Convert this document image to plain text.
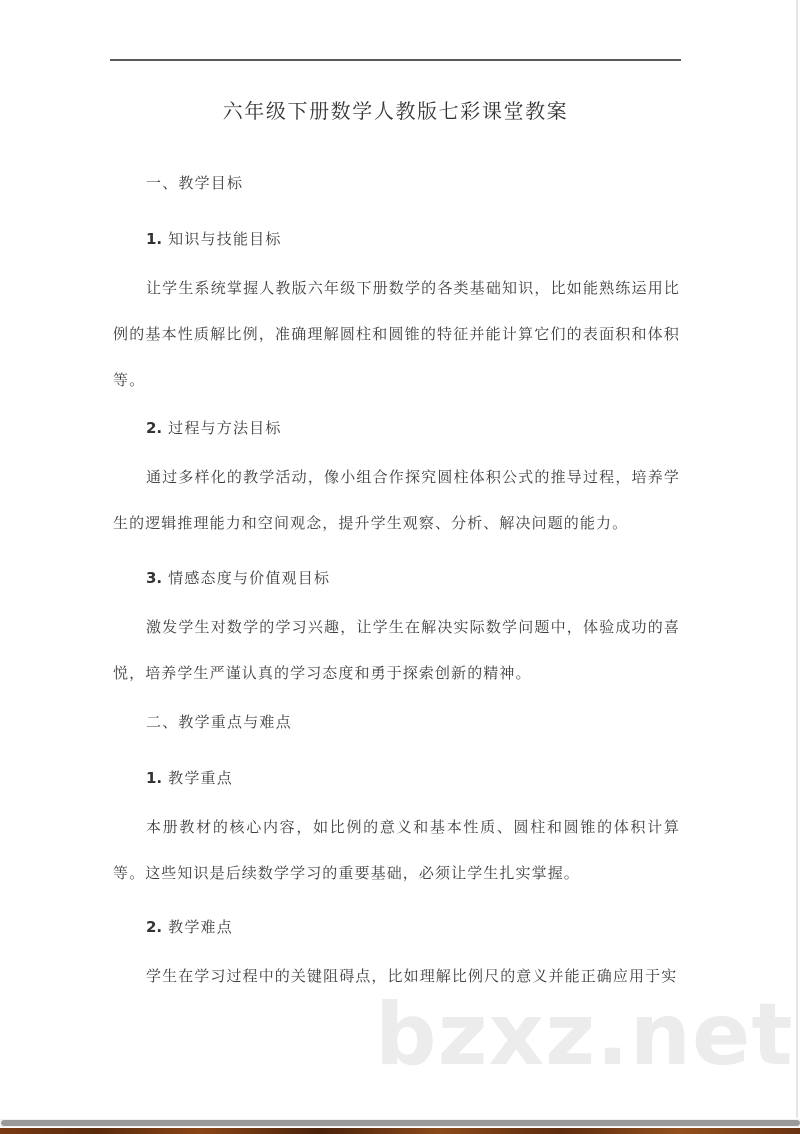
六年级下册数学人教版七彩课堂教案
一、教学目标
1. 知识与技能目标
让学生系统掌握人教版六年级下册数学的各类基础知识，比如能熟练运用比例的基本性质解比例，准确理解圆柱和圆锥的特征并能计算它们的表面积和体积等。
2. 过程与方法目标
通过多样化的教学活动，像小组合作探究圆柱体积公式的推导过程，培养学生的逻辑推理能力和空间观念，提升学生观察、分析、解决问题的能力。
3. 情感态度与价值观目标
激发学生对数学的学习兴趣，让学生在解决实际数学问题中，体验成功的喜悦，培养学生严谨认真的学习态度和勇于探索创新的精神。
二、教学重点与难点
1. 教学重点
本册教材的核心内容，如比例的意义和基本性质、圆柱和圆锥的体积计算等。这些知识是后续数学学习的重要基础，必须让学生扎实掌握。
2. 教学难点
学生在学习过程中的关键阻碍点，比如理解比例尺的意义并能正确应用于实
bzxz.net
